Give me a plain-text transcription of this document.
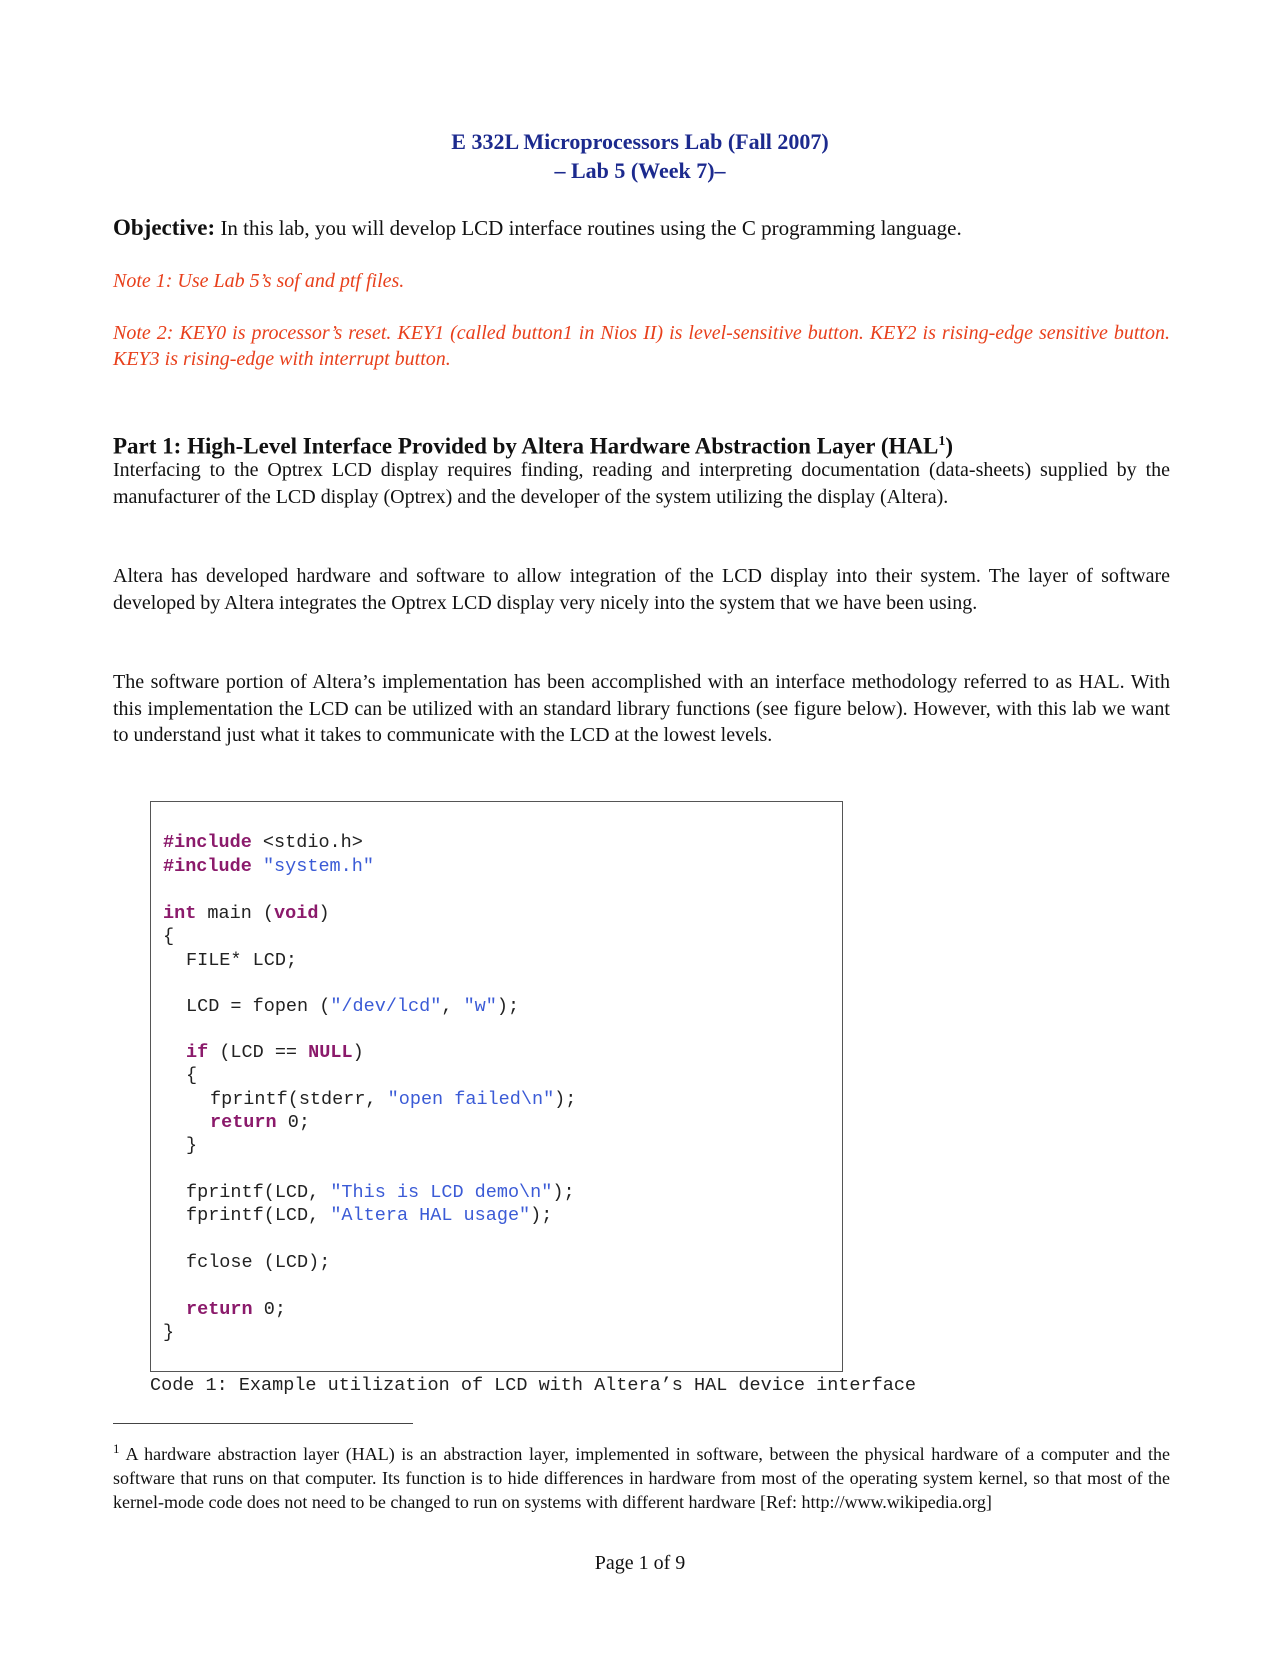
E 332L Microprocessors Lab (Fall 2007)
– Lab 5 (Week 7)–
Objective: In this lab, you will develop LCD interface routines using the C programming language.
Note 1: Use Lab 5’s sof and ptf files.
Note 2: KEY0 is processor’s reset. KEY1 (called button1 in Nios II) is level-sensitive button. KEY2 is rising-edge sensitive button. KEY3 is rising-edge with interrupt button.
Part 1: High-Level Interface Provided by Altera Hardware Abstraction Layer (HAL$^1$)
Interfacing to the Optrex LCD display requires finding, reading and interpreting documentation (data-sheets) supplied by the manufacturer of the LCD display (Optrex) and the developer of the system utilizing the display (Altera).
Altera has developed hardware and software to allow integration of the LCD display into their system. The layer of software developed by Altera integrates the Optrex LCD display very nicely into the system that we have been using.
The software portion of Altera’s implementation has been accomplished with an interface methodology referred to as HAL. With this implementation the LCD can be utilized with an standard library functions (see figure below). However, with this lab we want to understand just what it takes to communicate with the LCD at the lowest levels.
#include <stdio.h>
#include "system.h"
int main (void)
{
FILE* LCD;
LCD = fopen ("/dev/lcd", "w");
if (LCD == NULL)
{
fprintf(stderr, "open failed\n");
return 0;
}
fprintf(LCD, "This is LCD demo\n");
fprintf(LCD, "Altera HAL usage");
fclose (LCD);
return 0;
}
Code 1: Example utilization of LCD with Altera’s HAL device interface
$^1$ A hardware abstraction layer (HAL) is an abstraction layer, implemented in software, between the physical hardware of a computer and the software that runs on that computer. Its function is to hide differences in hardware from most of the operating system kernel, so that most of the kernel-mode code does not need to be changed to run on systems with different hardware [Ref: http://www.wikipedia.org]
Page 1 of 9
